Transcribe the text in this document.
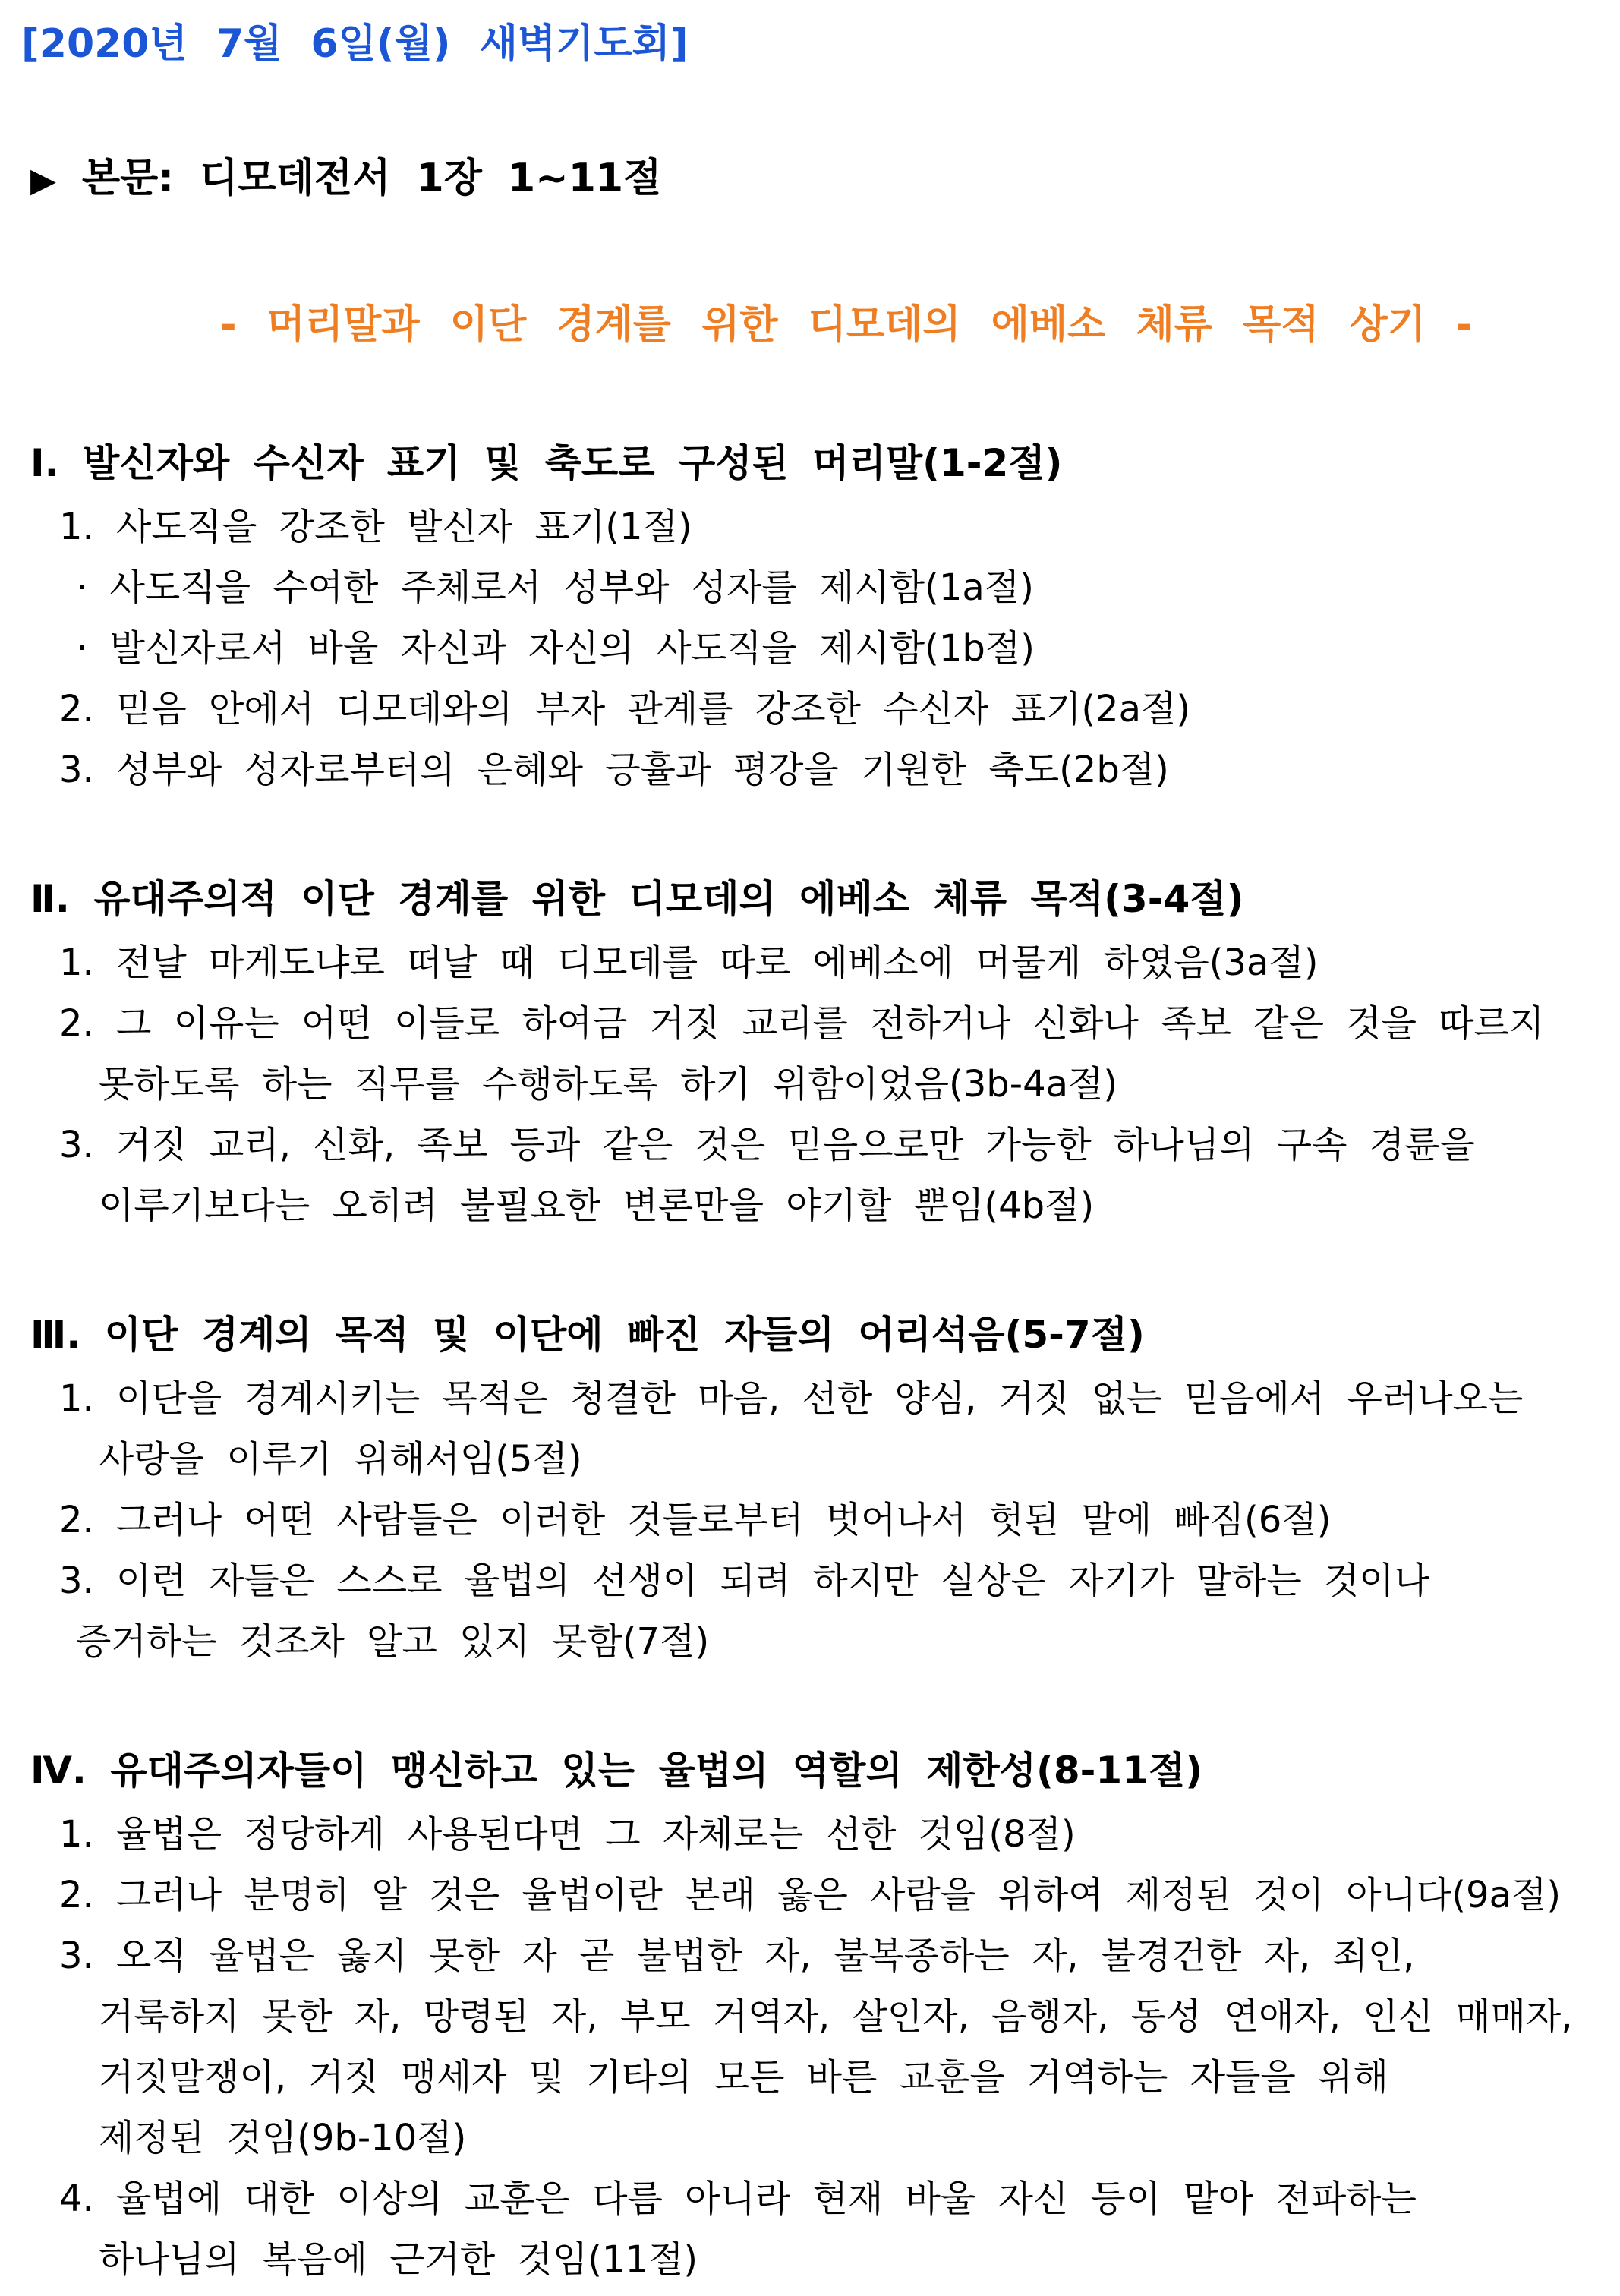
[2020년 7월 6일(월) 새벽기도회]
▶ 본문: 디모데전서 1장 1~11절
- 머리말과 이단 경계를 위한 디모데의 에베소 체류 목적 상기 -
Ⅰ. 발신자와 수신자 표기 및 축도로 구성된 머리말(1-2절)
1. 사도직을 강조한 발신자 표기(1절)
· 사도직을 수여한 주체로서 성부와 성자를 제시함(1a절)
· 발신자로서 바울 자신과 자신의 사도직을 제시함(1b절)
2. 믿음 안에서 디모데와의 부자 관계를 강조한 수신자 표기(2a절)
3. 성부와 성자로부터의 은혜와 긍휼과 평강을 기원한 축도(2b절)
Ⅱ. 유대주의적 이단 경계를 위한 디모데의 에베소 체류 목적(3-4절)
1. 전날 마게도냐로 떠날 때 디모데를 따로 에베소에 머물게 하였음(3a절)
2. 그 이유는 어떤 이들로 하여금 거짓 교리를 전하거나 신화나 족보 같은 것을 따르지
못하도록 하는 직무를 수행하도록 하기 위함이었음(3b-4a절)
3. 거짓 교리, 신화, 족보 등과 같은 것은 믿음으로만 가능한 하나님의 구속 경륜을
이루기보다는 오히려 불필요한 변론만을 야기할 뿐임(4b절)
Ⅲ. 이단 경계의 목적 및 이단에 빠진 자들의 어리석음(5-7절)
1. 이단을 경계시키는 목적은 청결한 마음, 선한 양심, 거짓 없는 믿음에서 우러나오는
사랑을 이루기 위해서임(5절)
2. 그러나 어떤 사람들은 이러한 것들로부터 벗어나서 헛된 말에 빠짐(6절)
3. 이런 자들은 스스로 율법의 선생이 되려 하지만 실상은 자기가 말하는 것이나
증거하는 것조차 알고 있지 못함(7절)
Ⅳ. 유대주의자들이 맹신하고 있는 율법의 역할의 제한성(8-11절)
1. 율법은 정당하게 사용된다면 그 자체로는 선한 것임(8절)
2. 그러나 분명히 알 것은 율법이란 본래 옳은 사람을 위하여 제정된 것이 아니다(9a절)
3. 오직 율법은 옳지 못한 자 곧 불법한 자, 불복종하는 자, 불경건한 자, 죄인,
거룩하지 못한 자, 망령된 자, 부모 거역자, 살인자, 음행자, 동성 연애자, 인신 매매자,
거짓말쟁이, 거짓 맹세자 및 기타의 모든 바른 교훈을 거역하는 자들을 위해
제정된 것임(9b-10절)
4. 율법에 대한 이상의 교훈은 다름 아니라 현재 바울 자신 등이 맡아 전파하는
하나님의 복음에 근거한 것임(11절)
